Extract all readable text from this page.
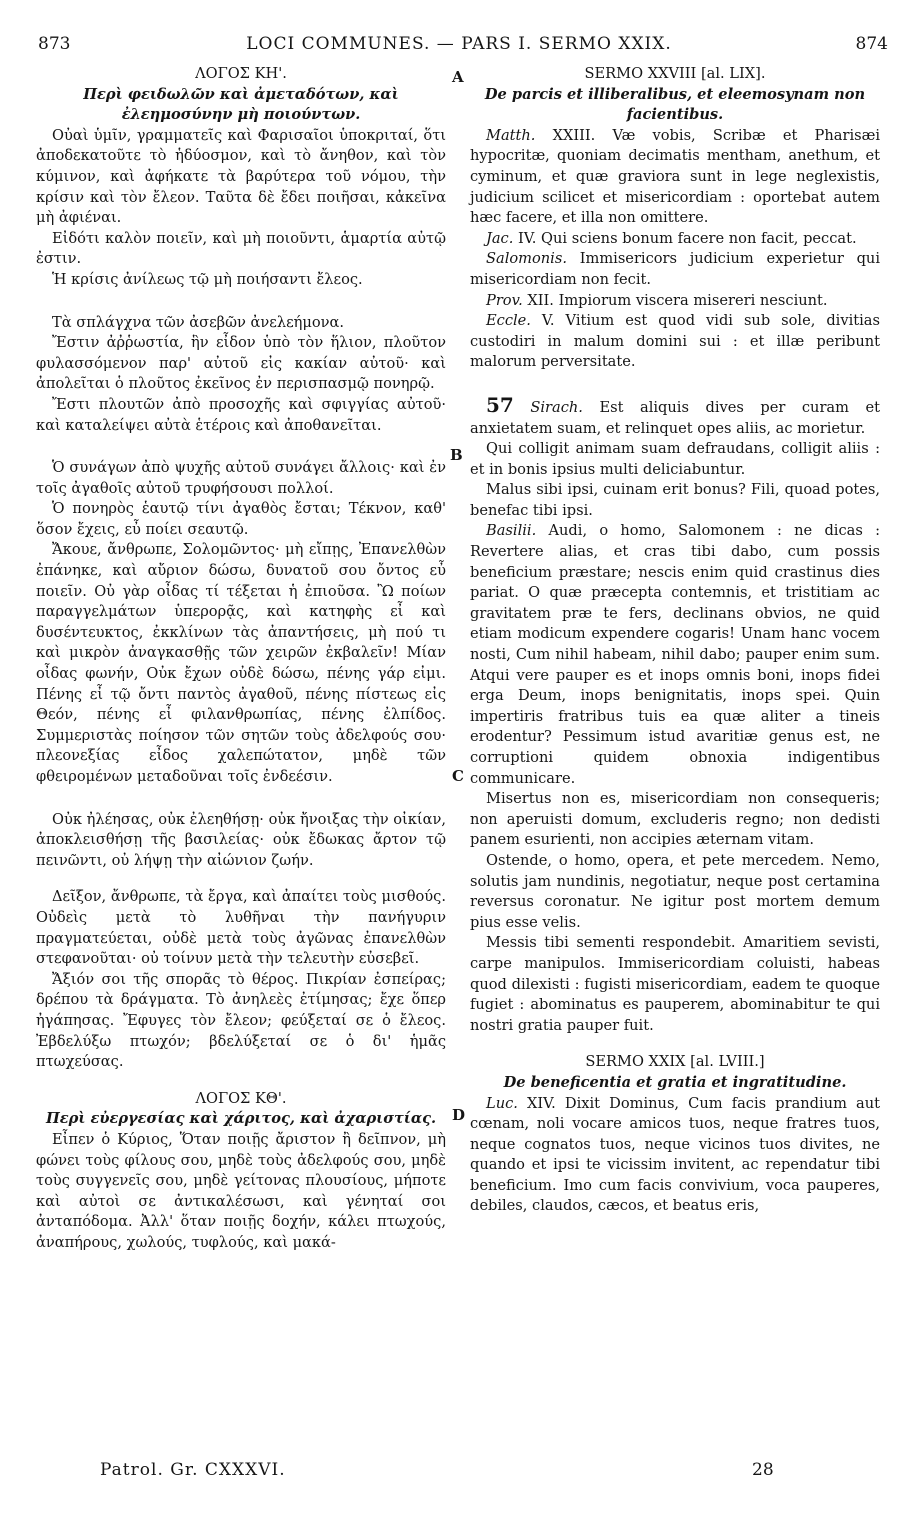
873	LOCI COMMUNES. — PARS I. SERMO XXIX.	874
A
B
C
D

ΛΟΓΟΣ ΚΗ'.

Περὶ φειδωλῶν καὶ ἀμεταδότων, καὶ ἐλεημοσύνην μὴ ποιούντων.

Οὐαὶ ὑμῖν, γραμματεῖς καὶ Φαρισαῖοι ὑποκριταί, ὅτι ἀποδεκατοῦτε τὸ ἡδύοσμον, καὶ τὸ ἄνηθον, καὶ τὸν κύμινον, καὶ ἀφήκατε τὰ βαρύτερα τοῦ νόμου, τὴν κρίσιν καὶ τὸν ἔλεον. Ταῦτα δὲ ἔδει ποιῆσαι, κἀκεῖνα μὴ ἀφιέναι.

Εἰδότι καλὸν ποιεῖν, καὶ μὴ ποιοῦντι, ἁμαρτία αὐτῷ ἐστιν.

Ἡ κρίσις ἀνίλεως τῷ μὴ ποιήσαντι ἔλεος.

Τὰ σπλάγχνα τῶν ἀσεβῶν ἀνελεήμονα.

Ἔστιν ἀῤῥωστία, ἣν εἶδον ὑπὸ τὸν ἥλιον, πλοῦτον φυλασσόμενον παρ' αὐτοῦ εἰς κακίαν αὐτοῦ· καὶ ἀπολεῖται ὁ πλοῦτος ἐκεῖνος ἐν περισπασμῷ πονηρῷ.

Ἔστι πλουτῶν ἀπὸ προσοχῆς καὶ σφιγγίας αὐτοῦ· καὶ καταλείψει αὐτὰ ἑτέροις καὶ ἀποθανεῖται.

Ὁ συνάγων ἀπὸ ψυχῆς αὐτοῦ συνάγει ἄλλοις· καὶ ἐν τοῖς ἀγαθοῖς αὐτοῦ τρυφήσουσι πολλοί.

Ὁ πονηρὸς ἑαυτῷ τίνι ἀγαθὸς ἔσται; Τέκνον, καθ' ὅσον ἔχεις, εὖ ποίει σεαυτῷ.

Ἄκουε, ἄνθρωπε, Σολομῶντος· μὴ εἴπῃς, Ἐπανελθὼν ἐπάνηκε, καὶ αὔριον δώσω, δυνατοῦ σου ὄντος εὖ ποιεῖν. Οὐ γὰρ οἶδας τί τέξεται ἡ ἐπιοῦσα. Ὢ ποίων παραγγελμάτων ὑπερορᾷς, καὶ κατηφὴς εἶ καὶ δυσέντευκτος, ἐκκλίνων τὰς ἀπαντήσεις, μὴ πού τι καὶ μικρὸν ἀναγκασθῇς τῶν χειρῶν ἐκβαλεῖν! Μίαν οἶδας φωνήν, Οὐκ ἔχων οὐδὲ δώσω, πένης γάρ εἰμι. Πένης εἶ τῷ ὄντι παντὸς ἀγαθοῦ, πένης πίστεως εἰς Θεόν, πένης εἶ φιλανθρωπίας, πένης ἐλπίδος. Συμμεριστὰς ποίησον τῶν σητῶν τοὺς ἀδελφούς σου· πλεονεξίας εἶδος χαλεπώτατον, μηδὲ τῶν φθειρομένων μεταδοῦναι τοῖς ἐνδεέσιν.

Οὐκ ἠλέησας, οὐκ ἐλεηθήσῃ· οὐκ ἤνοιξας τὴν οἰκίαν, ἀποκλεισθήσῃ τῆς βασιλείας· οὐκ ἔδωκας ἄρτον τῷ πεινῶντι, οὐ λήψῃ τὴν αἰώνιον ζωήν.

Δεῖξον, ἄνθρωπε, τὰ ἔργα, καὶ ἀπαίτει τοὺς μισθούς. Οὐδεὶς μετὰ τὸ λυθῆναι τὴν πανήγυριν πραγματεύεται, οὐδὲ μετὰ τοὺς ἀγῶνας ἐπανελθὼν στεφανοῦται· οὐ τοίνυν μετὰ τὴν τελευτὴν εὐσεβεῖ.

Ἄξιόν σοι τῆς σπορᾶς τὸ θέρος. Πικρίαν ἐσπείρας; δρέπου τὰ δράγματα. Τὸ ἀνηλεὲς ἐτίμησας; ἔχε ὅπερ ἠγάπησας. Ἔφυγες τὸν ἔλεον; φεύξεταί σε ὁ ἔλεος. Ἐβδελύξω πτωχόν; βδελύξεταί σε ὁ δι' ἡμᾶς πτωχεύσας.

ΛΟΓΟΣ ΚΘ'.

Περὶ εὐεργεσίας καὶ χάριτος, καὶ ἀχαριστίας.

Εἶπεν ὁ Κύριος, Ὅταν ποιῇς ἄριστον ἢ δεῖπνον, μὴ φώνει τοὺς φίλους σου, μηδὲ τοὺς ἀδελφούς σου, μηδὲ τοὺς συγγενεῖς σου, μηδὲ γείτονας πλουσίους, μήποτε καὶ αὐτοὶ σε ἀντικαλέσωσι, καὶ γένηταί σοι ἀνταπόδομα. Ἀλλ' ὅταν ποιῇς δοχήν, κάλει πτωχούς, ἀναπήρους, χωλούς, τυφλούς, καὶ μακά-

SERMO XXVIII [al. LIX].

De parcis et illiberalibus, et eleemosynam non facientibus.

Matth. XXIII. Væ vobis, Scribæ et Pharisæi hypocritæ, quoniam decimatis mentham, anethum, et cyminum, et quæ graviora sunt in lege neglexistis, judicium scilicet et misericordiam : oportebat autem hæc facere, et illa non omittere.

Jac. IV. Qui sciens bonum facere non facit, peccat.

Salomonis. Immisericors judicium experietur qui misericordiam non fecit.

Prov. XII. Impiorum viscera misereri nesciunt.

Eccle. V. Vitium est quod vidi sub sole, divitias custodiri in malum domini sui : et illæ peribunt malorum perversitate.

57 Sirach. Est aliquis dives per curam et anxietatem suam, et relinquet opes aliis, ac morietur.

Qui colligit animam suam defraudans, colligit aliis : et in bonis ipsius multi deliciabuntur.

Malus sibi ipsi, cuinam erit bonus? Fili, quoad potes, benefac tibi ipsi.

Basilii. Audi, o homo, Salomonem : ne dicas : Revertere alias, et cras tibi dabo, cum possis beneficium præstare; nescis enim quid crastinus dies pariat. O quæ præcepta contemnis, et tristitiam ac gravitatem præ te fers, declinans obvios, ne quid etiam modicum expendere cogaris! Unam hanc vocem nosti, Cum nihil habeam, nihil dabo; pauper enim sum. Atqui vere pauper es et inops omnis boni, inops fidei erga Deum, inops benignitatis, inops spei. Quin impertiris fratribus tuis ea quæ aliter a tineis erodentur? Pessimum istud avaritiæ genus est, ne corruptioni quidem obnoxia indigentibus communicare.

Misertus non es, misericordiam non consequeris; non aperuisti domum, excluderis regno; non dedisti panem esurienti, non accipies æternam vitam.

Ostende, o homo, opera, et pete mercedem. Nemo, solutis jam nundinis, negotiatur, neque post certamina reversus coronatur. Ne igitur post mortem demum pius esse velis.

Messis tibi sementi respondebit. Amaritiem sevisti, carpe manipulos. Immisericordiam coluisti, habeas quod dilexisti : fugisti misericordiam, eadem te quoque fugiet : abominatus es pauperem, abominabitur te qui nostri gratia pauper fuit.

SERMO XXIX [al. LVIII.]

De beneficentia et gratia et ingratitudine.

Luc. XIV. Dixit Dominus, Cum facis prandium aut cœnam, noli vocare amicos tuos, neque fratres tuos, neque cognatos tuos, neque vicinos tuos divites, ne quando et ipsi te vicissim invitent, ac rependatur tibi beneficium. Imo cum facis convivium, voca pauperes, debiles, claudos, cæcos, et beatus eris,

Patrol. Gr. CXXXVI.	28
